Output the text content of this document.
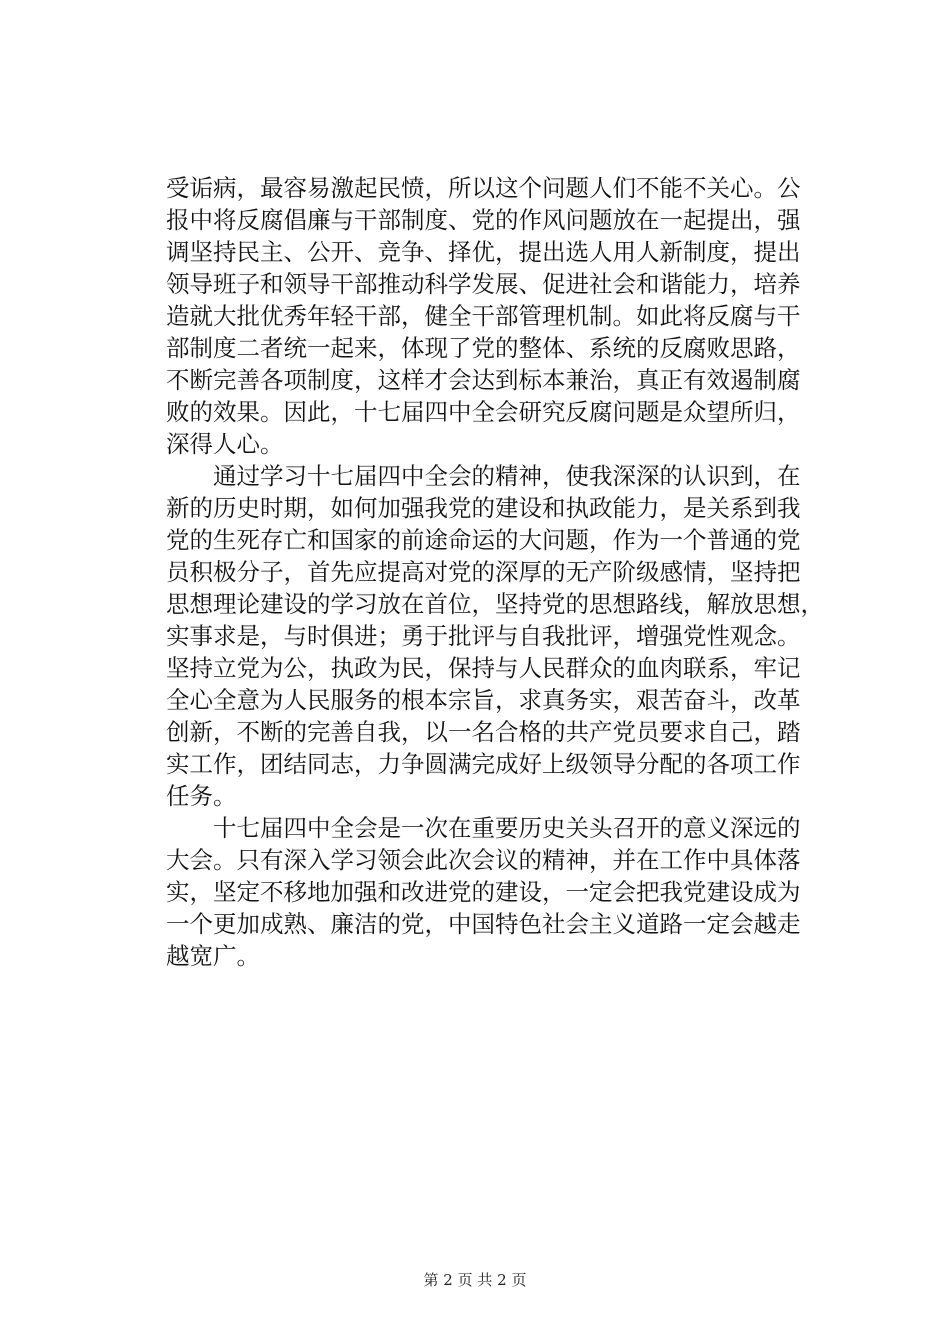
受诟病，最容易激起民愤，所以这个问题人们不能不关心。公
报中将反腐倡廉与干部制度、党的作风问题放在一起提出，强
调坚持民主、公开、竞争、择优，提出选人用人新制度，提出
领导班子和领导干部推动科学发展、促进社会和谐能力，培养
造就大批优秀年轻干部，健全干部管理机制。如此将反腐与干
部制度二者统一起来，体现了党的整体、系统的反腐败思路，
不断完善各项制度，这样才会达到标本兼治，真正有效遏制腐
败的效果。因此，十七届四中全会研究反腐问题是众望所归，
深得人心。
　　通过学习十七届四中全会的精神，使我深深的认识到，在
新的历史时期，如何加强我党的建设和执政能力，是关系到我
党的生死存亡和国家的前途命运的大问题，作为一个普通的党
员积极分子，首先应提高对党的深厚的无产阶级感情，坚持把
思想理论建设的学习放在首位，坚持党的思想路线，解放思想，
实事求是，与时俱进；勇于批评与自我批评，增强党性观念。
坚持立党为公，执政为民，保持与人民群众的血肉联系，牢记
全心全意为人民服务的根本宗旨，求真务实，艰苦奋斗，改革
创新，不断的完善自我，以一名合格的共产党员要求自己，踏
实工作，团结同志，力争圆满完成好上级领导分配的各项工作
任务。
　　十七届四中全会是一次在重要历史关头召开的意义深远的
大会。只有深入学习领会此次会议的精神，并在工作中具体落
实，坚定不移地加强和改进党的建设，一定会把我党建设成为
一个更加成熟、廉洁的党，中国特色社会主义道路一定会越走
越宽广。
第 2 页 共 2 页
